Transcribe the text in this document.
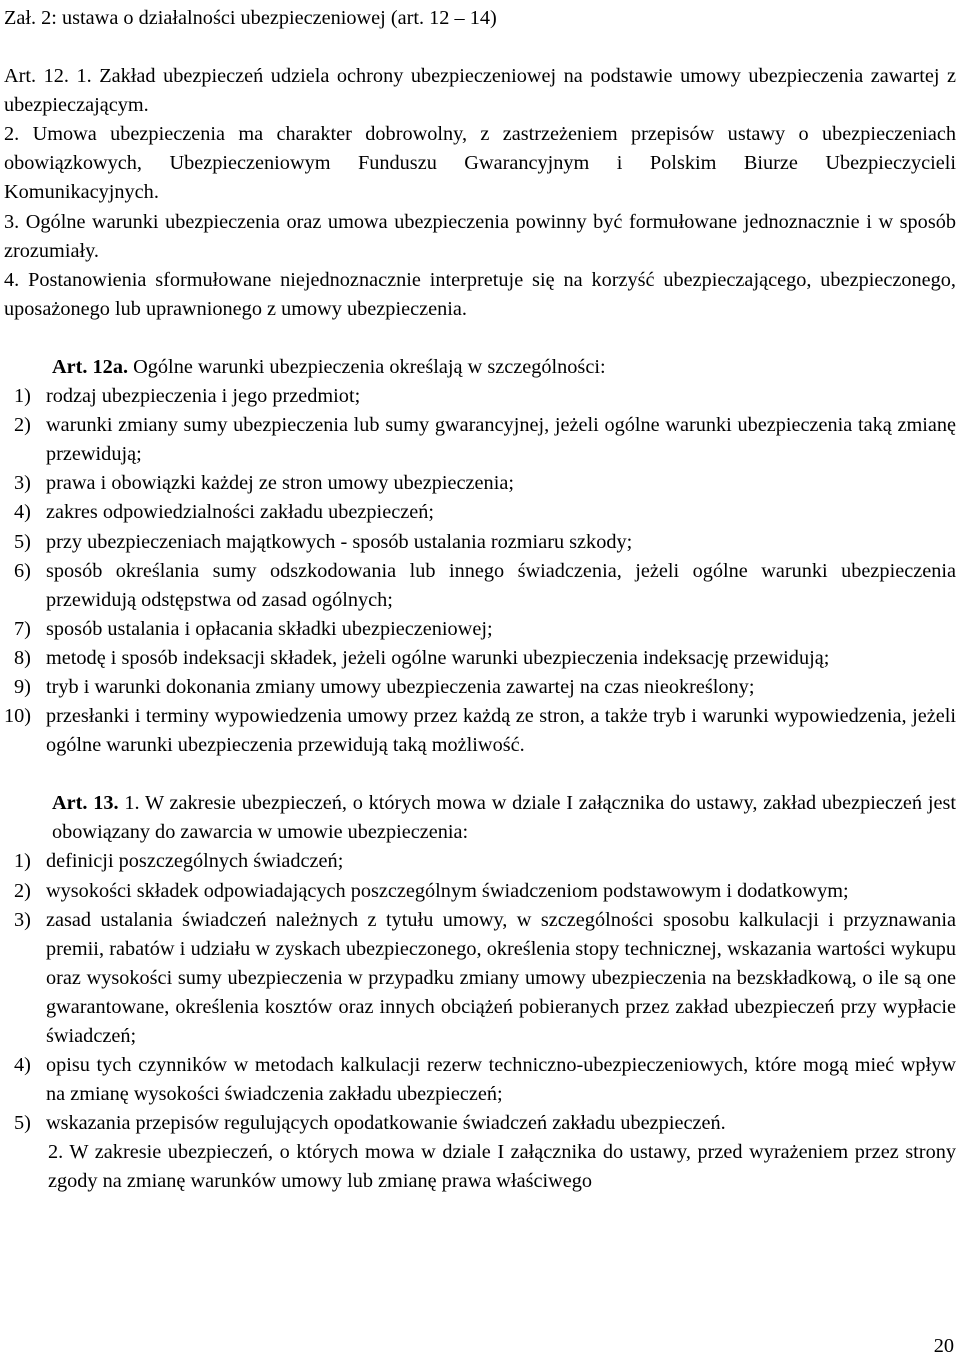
Zał. 2: ustawa o działalności ubezpieczeniowej (art. 12 – 14)

Art. 12. 1. Zakład ubezpieczeń udziela ochrony ubezpieczeniowej na podstawie umowy ubezpieczenia zawartej z ubezpieczającym.

2. Umowa ubezpieczenia ma charakter dobrowolny, z zastrzeżeniem przepisów ustawy o ubezpieczeniach obowiązkowych, Ubezpieczeniowym Funduszu Gwarancyjnym i Polskim Biurze Ubezpieczycieli Komunikacyjnych.

3. Ogólne warunki ubezpieczenia oraz umowa ubezpieczenia powinny być formułowane jednoznacznie i w sposób zrozumiały.

4. Postanowienia sformułowane niejednoznacznie interpretuje się na korzyść ubezpieczającego, ubezpieczonego, uposażonego lub uprawnionego z umowy ubezpieczenia.

Art. 12a. Ogólne warunki ubezpieczenia określają w szczególności:

1) rodzaj ubezpieczenia i jego przedmiot;
2) warunki zmiany sumy ubezpieczenia lub sumy gwarancyjnej, jeżeli ogólne warunki ubezpieczenia taką zmianę przewidują;
3) prawa i obowiązki każdej ze stron umowy ubezpieczenia;
4) zakres odpowiedzialności zakładu ubezpieczeń;
5) przy ubezpieczeniach majątkowych - sposób ustalania rozmiaru szkody;
6) sposób określania sumy odszkodowania lub innego świadczenia, jeżeli ogólne warunki ubezpieczenia przewidują odstępstwa od zasad ogólnych;
7) sposób ustalania i opłacania składki ubezpieczeniowej;
8) metodę i sposób indeksacji składek, jeżeli ogólne warunki ubezpieczenia indeksację przewidują;
9) tryb i warunki dokonania zmiany umowy ubezpieczenia zawartej na czas nieokreślony;
10) przesłanki i terminy wypowiedzenia umowy przez każdą ze stron, a także tryb i warunki wypowiedzenia, jeżeli ogólne warunki ubezpieczenia przewidują taką możliwość.

Art. 13. 1. W zakresie ubezpieczeń, o których mowa w dziale I załącznika do ustawy, zakład ubezpieczeń jest obowiązany do zawarcia w umowie ubezpieczenia:

1) definicji poszczególnych świadczeń;
2) wysokości składek odpowiadających poszczególnym świadczeniom podstawowym i dodatkowym;
3) zasad ustalania świadczeń należnych z tytułu umowy, w szczególności sposobu kalkulacji i przyznawania premii, rabatów i udziału w zyskach ubezpieczonego, określenia stopy technicznej, wskazania wartości wykupu oraz wysokości sumy ubezpieczenia w przypadku zmiany umowy ubezpieczenia na bezskładkową, o ile są one gwarantowane, określenia kosztów oraz innych obciążeń pobieranych przez zakład ubezpieczeń przy wypłacie świadczeń;
4) opisu tych czynników w metodach kalkulacji rezerw techniczno-ubezpieczeniowych, które mogą mieć wpływ na zmianę wysokości świadczenia zakładu ubezpieczeń;
5) wskazania przepisów regulujących opodatkowanie świadczeń zakładu ubezpieczeń.

2. W zakresie ubezpieczeń, o których mowa w dziale I załącznika do ustawy, przed wyrażeniem przez strony zgody na zmianę warunków umowy lub zmianę prawa właściwego

20
